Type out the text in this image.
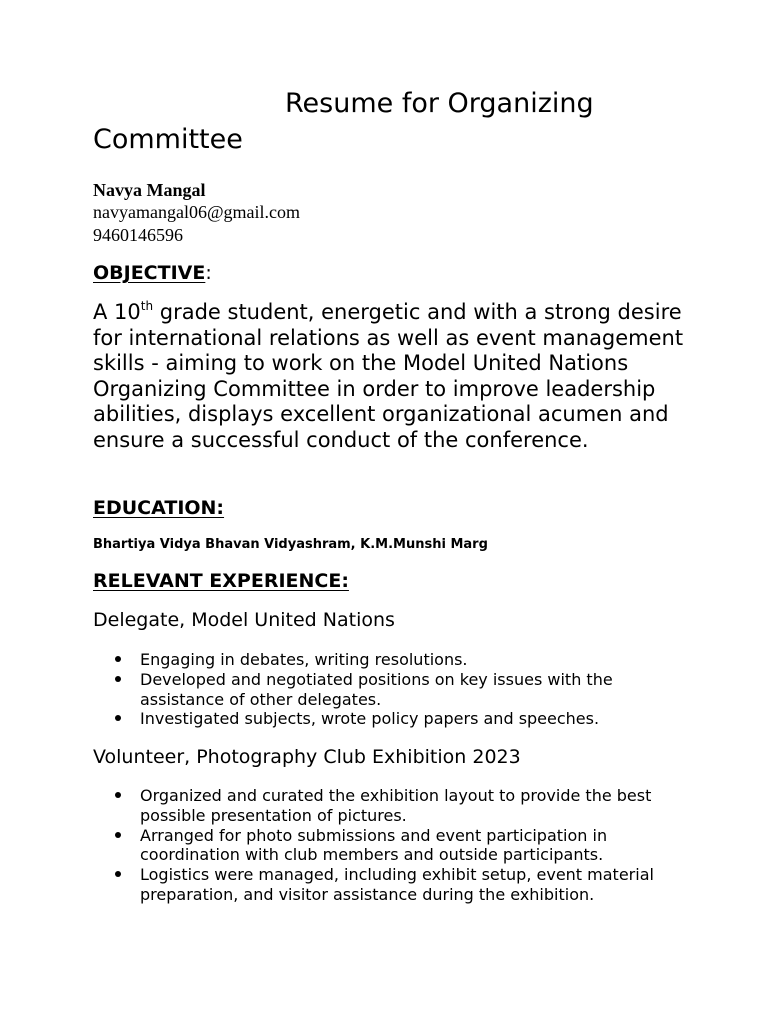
Resume for Organizing Committee
Navya Mangal
navyamangal06@gmail.com
9460146596
OBJECTIVE:

A 10th grade student, energetic and with a strong desire for international relations as well as event management skills - aiming to work on the Model United Nations Organizing Committee in order to improve leadership abilities, displays excellent organizational acumen and ensure a successful conduct of the conference.

EDUCATION:
Bhartiya Vidya Bhavan Vidyashram, K.M.Munshi Marg
RELEVANT EXPERIENCE:
Delegate, Model United Nations
Engaging in debates, writing resolutions.
Developed and negotiated positions on key issues with the assistance of other delegates.
Investigated subjects, wrote policy papers and speeches.
Volunteer, Photography Club Exhibition 2023
Organized and curated the exhibition layout to provide the best possible presentation of pictures.
Arranged for photo submissions and event participation in coordination with club members and outside participants.
Logistics were managed, including exhibit setup, event material preparation, and visitor assistance during the exhibition.
